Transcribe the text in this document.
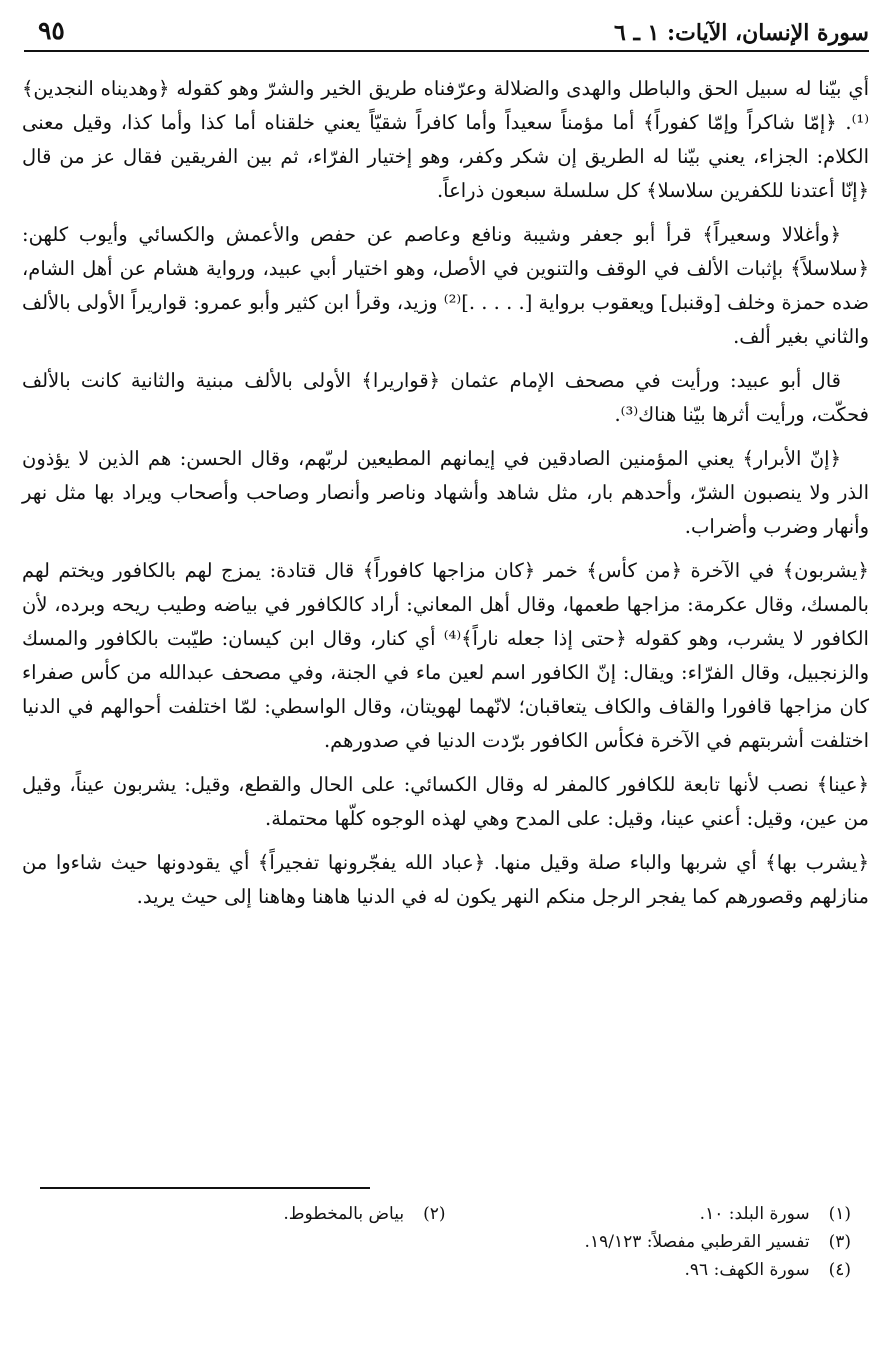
سورة الإنسان، الآيات: ١ ـ ٦
٩٥

أي بيّنا له سبيل الحق والباطل والهدى والضلالة وعرّفناه طريق الخير والشرّ وهو كقوله ﴿وهديناه النجدين﴾⁽¹⁾. ﴿إمّا شاكراً وإمّا كفوراً﴾ أما مؤمناً سعيداً وأما كافراً شقيّاً يعني خلقناه أما كذا وأما كذا، وقيل معنى الكلام: الجزاء، يعني بيّنا له الطريق إن شكر وكفر، وهو إختيار الفرّاء، ثم بين الفريقين فقال عز من قال ﴿إنّا أعتدنا للكفرين سلاسلا﴾ كل سلسلة سبعون ذراعاً.

﴿وأغلالا وسعيراً﴾ قرأ أبو جعفر وشيبة ونافع وعاصم عن حفص والأعمش والكسائي وأيوب كلهن: ﴿سلاسلاً﴾ بإثبات الألف في الوقف والتنوين في الأصل، وهو اختيار أبي عبيد، ورواية هشام عن أهل الشام، ضده حمزة وخلف [وقنبل] ويعقوب برواية [. . . . .]⁽²⁾ وزيد، وقرأ ابن كثير وأبو عمرو: قواريراً الأولى بالألف والثاني بغير ألف.

قال أبو عبيد: ورأيت في مصحف الإمام عثمان ﴿قواريرا﴾ الأولى بالألف مبنية والثانية كانت بالألف فحكّت، ورأيت أثرها بيّنا هناك⁽³⁾.

﴿إنّ الأبرار﴾ يعني المؤمنين الصادقين في إيمانهم المطيعين لربّهم، وقال الحسن: هم الذين لا يؤذون الذر ولا ينصبون الشرّ، وأحدهم بار، مثل شاهد وأشهاد وناصر وأنصار وصاحب وأصحاب ويراد بها مثل نهر وأنهار وضرب وأضراب.

﴿يشربون﴾ في الآخرة ﴿من كأس﴾ خمر ﴿كان مزاجها كافوراً﴾ قال قتادة: يمزج لهم بالكافور ويختم لهم بالمسك، وقال عكرمة: مزاجها طعمها، وقال أهل المعاني: أراد كالكافور في بياضه وطيب ريحه وبرده، لأن الكافور لا يشرب، وهو كقوله ﴿حتى إذا جعله ناراً﴾⁽⁴⁾ أي كنار، وقال ابن كيسان: طيّبت بالكافور والمسك والزنجبيل، وقال الفرّاء: ويقال: إنّ الكافور اسم لعين ماء في الجنة، وفي مصحف عبدالله من كأس صفراء كان مزاجها قافورا والقاف والكاف يتعاقبان؛ لانّهما لهويتان، وقال الواسطي: لمّا اختلفت أحوالهم في الدنيا اختلفت أشربتهم في الآخرة فكأس الكافور برّدت الدنيا في صدورهم.

﴿عينا﴾ نصب لأنها تابعة للكافور كالمفر له وقال الكسائي: على الحال والقطع، وقيل: يشربون عيناً، وقيل من عين، وقيل: أعني عينا، وقيل: على المدح وهي لهذه الوجوه كلّها محتملة.

﴿يشرب بها﴾ أي شربها والباء صلة وقيل منها. ﴿عباد الله يفجّرونها تفجيراً﴾ أي يقودونها حيث شاءوا من منازلهم وقصورهم كما يفجر الرجل منكم النهر يكون له في الدنيا هاهنا وهاهنا إلى حيث يريد.

(١) سورة البلد: ١٠.
(٢) بياض بالمخطوط.
(٣) تفسير القرطبي مفصلاً: ١٩/١٢٣.
(٤) سورة الكهف: ٩٦.
